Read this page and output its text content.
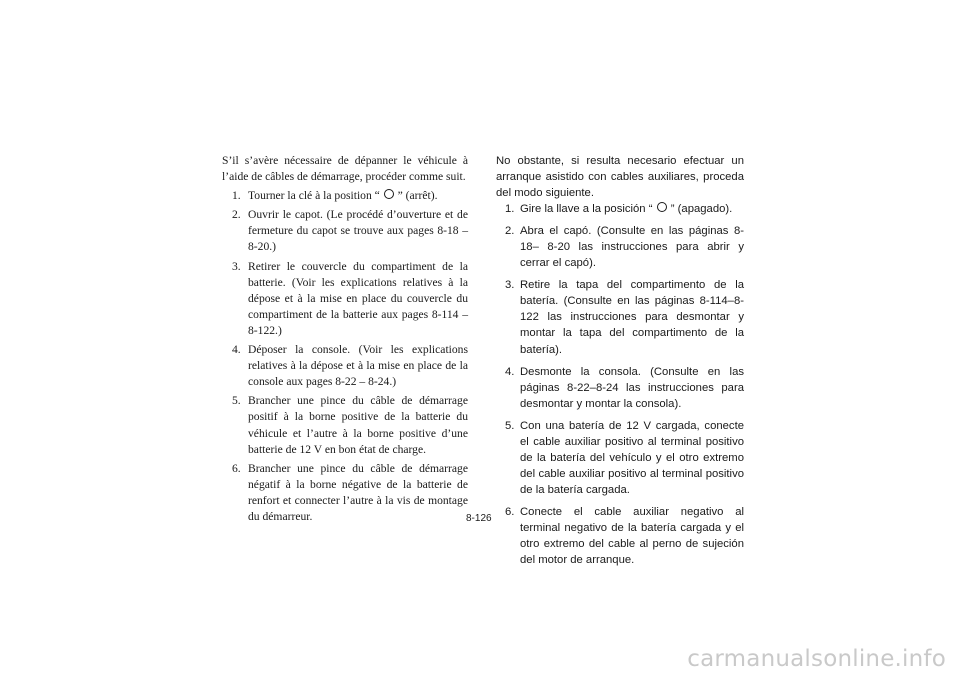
S’il s’avère nécessaire de dépanner le véhicule à l’aide de câbles de démarrage, procéder comme suit.

1. Tourner la clé à la position “  ” (arrêt).
2. Ouvrir le capot. (Le procédé d’ouverture et de fermeture du capot se trouve aux pages 8-18 – 8-20.)
3. Retirer le couvercle du compartiment de la batterie. (Voir les explications relatives à la dépose et à la mise en place du couvercle du compartiment de la batterie aux pages 8-114 – 8-122.)
4. Déposer la console. (Voir les explications relatives à la dépose et à la mise en place de la console aux pages 8-22 – 8-24.)
5. Brancher une pince du câble de démarrage positif à la borne positive de la batterie du véhicule et l’autre à la borne positive d’une batterie de 12 V en bon état de charge.
6. Brancher une pince du câble de démarrage négatif à la borne négative de la batterie de renfort et connecter l’autre à la vis de montage du démarreur.

No obstante, si resulta necesario efectuar un arranque asistido con cables auxiliares, proceda del modo siguiente.

1. Gire la llave a la posición “  ” (apagado).
2. Abra el capó. (Consulte en las páginas 8-18– 8-20 las instrucciones para abrir y cerrar el capó).
3. Retire la tapa del compartimento de la batería. (Consulte en las páginas 8-114–8-122 las instrucciones para desmontar y montar la tapa del compartimento de la batería).
4. Desmonte la consola. (Consulte en las páginas 8-22–8-24 las instrucciones para desmontar y montar la consola).
5. Con una batería de 12 V cargada, conecte el cable auxiliar positivo al terminal positivo de la batería del vehículo y el otro extremo del cable auxiliar positivo al terminal positivo de la batería cargada.
6. Conecte el cable auxiliar negativo al terminal negativo de la batería cargada y el otro extremo del cable al perno de sujeción del motor de arranque.
8-126
carmanualsonline.info
